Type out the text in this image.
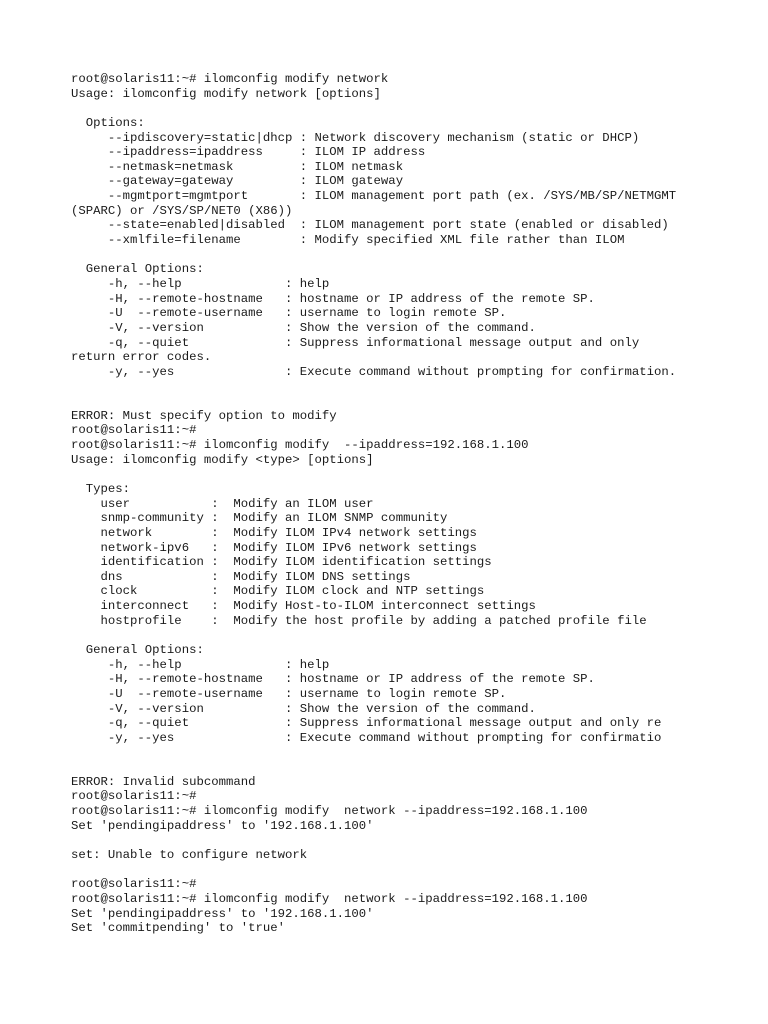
root@solaris11:~# ilomconfig modify network
Usage: ilomconfig modify network [options]
Options:
--ipdiscovery=static|dhcp : Network discovery mechanism (static or DHCP)
--ipaddress=ipaddress     : ILOM IP address
--netmask=netmask         : ILOM netmask
--gateway=gateway         : ILOM gateway
--mgmtport=mgmtport       : ILOM management port path (ex. /SYS/MB/SP/NETMGMT
(SPARC) or /SYS/SP/NET0 (X86))
--state=enabled|disabled  : ILOM management port state (enabled or disabled)
--xmlfile=filename        : Modify specified XML file rather than ILOM
General Options:
-h, --help              : help
-H, --remote-hostname   : hostname or IP address of the remote SP.
-U  --remote-username   : username to login remote SP.
-V, --version           : Show the version of the command.
-q, --quiet             : Suppress informational message output and only
return error codes.
-y, --yes               : Execute command without prompting for confirmation.
ERROR: Must specify option to modify
root@solaris11:~#
root@solaris11:~# ilomconfig modify  --ipaddress=192.168.1.100
Usage: ilomconfig modify <type> [options]
Types:
user           :  Modify an ILOM user
snmp-community :  Modify an ILOM SNMP community
network        :  Modify ILOM IPv4 network settings
network-ipv6   :  Modify ILOM IPv6 network settings
identification :  Modify ILOM identification settings
dns            :  Modify ILOM DNS settings
clock          :  Modify ILOM clock and NTP settings
interconnect   :  Modify Host-to-ILOM interconnect settings
hostprofile    :  Modify the host profile by adding a patched profile file
General Options:
-h, --help              : help
-H, --remote-hostname   : hostname or IP address of the remote SP.
-U  --remote-username   : username to login remote SP.
-V, --version           : Show the version of the command.
-q, --quiet             : Suppress informational message output and only re
-y, --yes               : Execute command without prompting for confirmatio
ERROR: Invalid subcommand
root@solaris11:~#
root@solaris11:~# ilomconfig modify  network --ipaddress=192.168.1.100
Set 'pendingipaddress' to '192.168.1.100'
set: Unable to configure network
root@solaris11:~#
root@solaris11:~# ilomconfig modify  network --ipaddress=192.168.1.100
Set 'pendingipaddress' to '192.168.1.100'
Set 'commitpending' to 'true'
